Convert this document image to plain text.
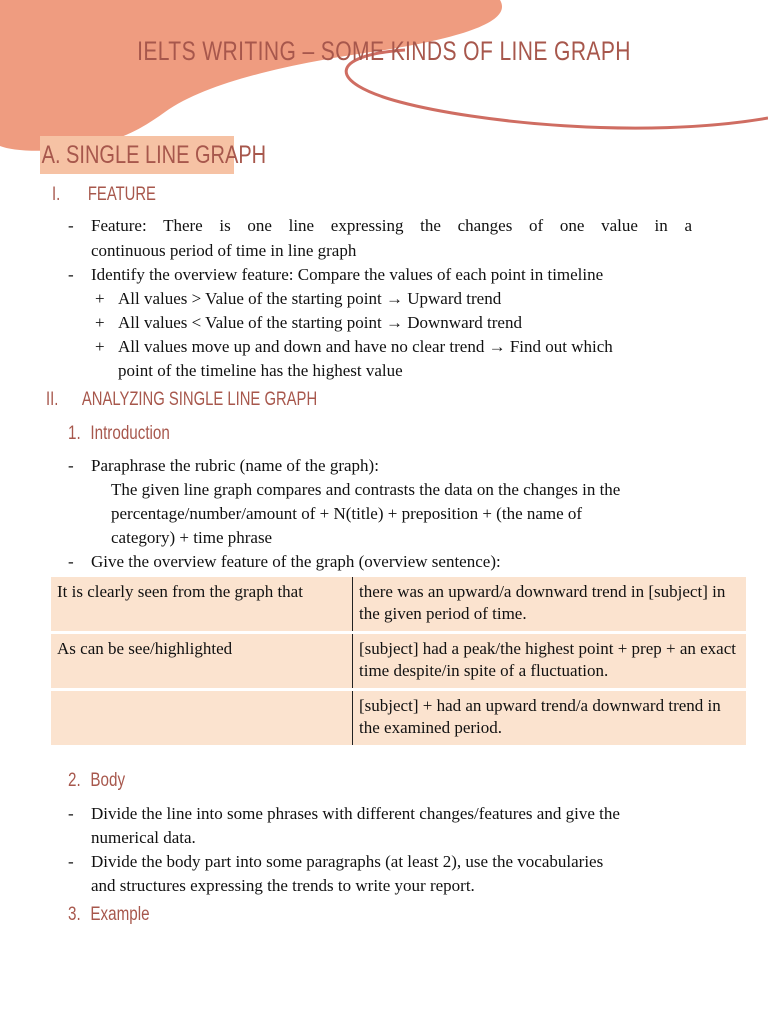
IELTS WRITING – SOME KINDS OF LINE GRAPH
A. SINGLE LINE GRAPH
I. FEATURE
- Feature: There is one line expressing the changes of one value in a
continuous period of time in line graph
- Identify the overview feature: Compare the values of each point in timeline
+ All values > Value of the starting point → Upward trend
+ All values < Value of the starting point → Downward trend
+ All values move up and down and have no clear trend → Find out which
point of the timeline has the highest value
II. ANALYZING SINGLE LINE GRAPH
1. Introduction
- Paraphrase the rubric (name of the graph):
The given line graph compares and contrasts the data on the changes in the
percentage/number/amount of + N(title) + preposition + (the name of
category) + time phrase
- Give the overview feature of the graph (overview sentence):
It is clearly seen from the graph that	there was an upward/a downward trend in [subject] in the given period of time.
As can be see/highlighted	[subject] had a peak/the highest point + prep + an exact time despite/in spite of a fluctuation.
	[subject] + had an upward trend/a downward trend in the examined period.
2. Body
- Divide the line into some phrases with different changes/features and give the
numerical data.
- Divide the body part into some paragraphs (at least 2), use the vocabularies
and structures expressing the trends to write your report.
3. Example
